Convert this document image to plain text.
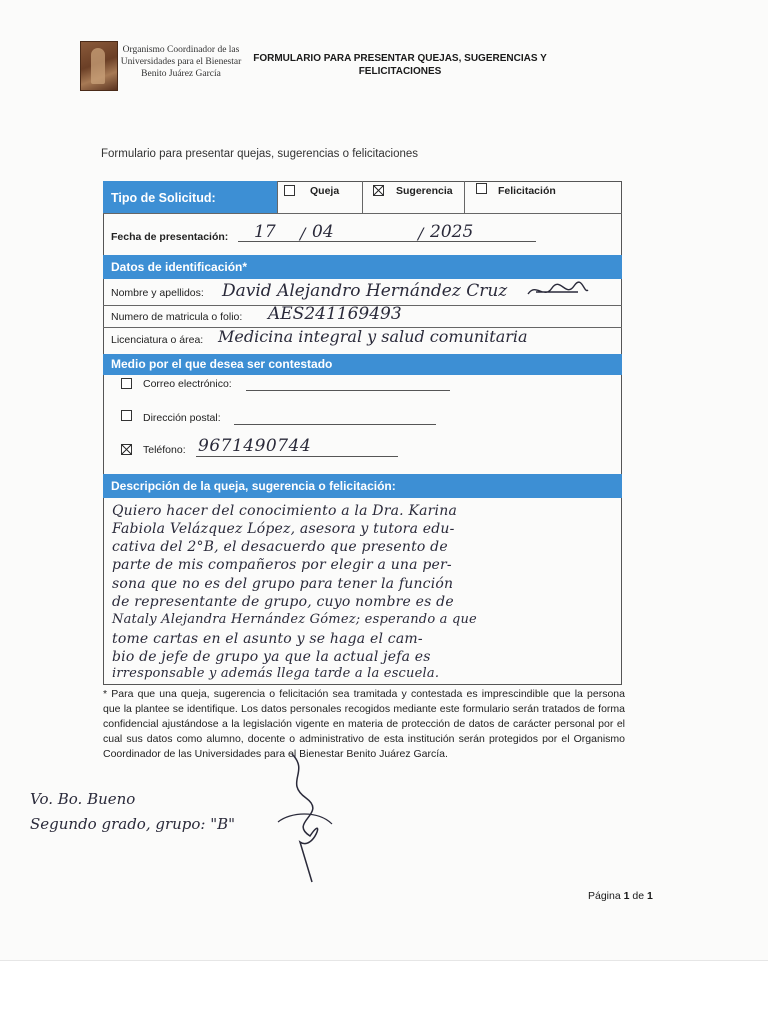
Organismo Coordinador de las Universidades para el Bienestar Benito Juárez García
FORMULARIO PARA PRESENTAR QUEJAS, SUGERENCIAS Y FELICITACIONES
Formulario para presentar quejas, sugerencias o felicitaciones
Tipo de Solicitud:	Queja	Sugerencia	Felicitación
Fecha de presentación: 17 / 04	/ 2025
Datos de identificación*
Nombre y apellidos: David Alejandro Hernández Cruz
Numero de matricula o folio: AES241169493
Licenciatura o área: Medicina integral y salud comunitaria
Medio por el que desea ser contestado
Correo electrónico:
Dirección postal:
Teléfono: 9671490744
Descripción de la queja, sugerencia o felicitación:
Quiero hacer del conocimiento a la Dra. Karina
Fabiola Velázquez López, asesora y tutora edu-
cativa del 2°B, el desacuerdo que presento de
parte de mis compañeros por elegir a una per-
sona que no es del grupo para tener la función
de representante de grupo, cuyo nombre es de
Nataly Alejandra Hernández Gómez; esperando a que
tome cartas en el asunto y se haga el cam-
bio de jefe de grupo ya que la actual jefa es
irresponsable y además llega tarde a la escuela.
* Para que una queja, sugerencia o felicitación sea tramitada y contestada es imprescindible que la persona que la plantee se identifique. Los datos personales recogidos mediante este formulario serán tratados de forma confidencial ajustándose a la legislación vigente en materia de protección de datos de carácter personal por el cual sus datos como alumno, docente o administrativo de esta institución serán protegidos por el Organismo Coordinador de las Universidades para el Bienestar Benito Juárez García.
Vo. Bo. Bueno
Segundo grado, grupo: "B"
Página 1 de 1
